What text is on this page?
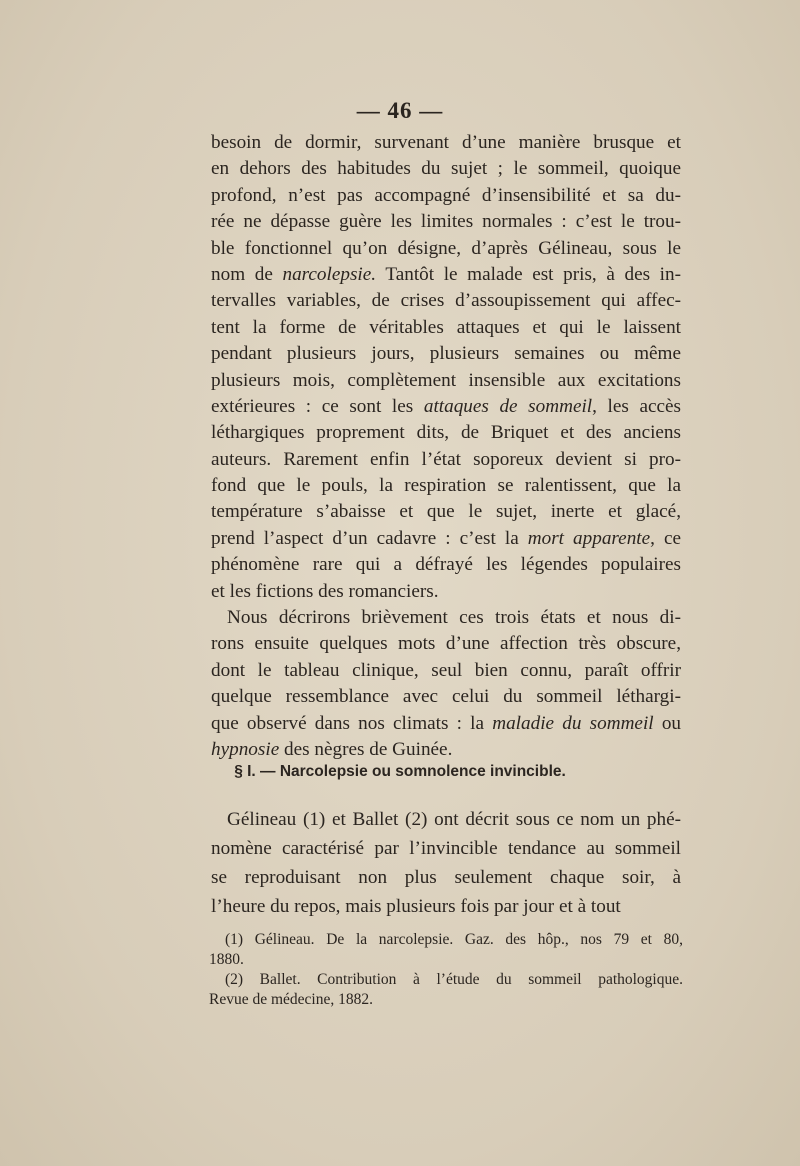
— 46 —
besoin de dormir, survenant d’une manière brusque et
en dehors des habitudes du sujet ; le sommeil, quoique
profond, n’est pas accompagné d’insensibilité et sa du-
rée ne dépasse guère les limites normales : c’est le trou-
ble fonctionnel qu’on désigne, d’après Gélineau, sous le
nom de narcolepsie. Tantôt le malade est pris, à des in-
tervalles variables, de crises d’assoupissement qui affec-
tent la forme de véritables attaques et qui le laissent
pendant plusieurs jours, plusieurs semaines ou même
plusieurs mois, complètement insensible aux excitations
extérieures : ce sont les attaques de sommeil, les accès
léthargiques proprement dits, de Briquet et des anciens
auteurs. Rarement enfin l’état soporeux devient si pro-
fond que le pouls, la respiration se ralentissent, que la
température s’abaisse et que le sujet, inerte et glacé,
prend l’aspect d’un cadavre : c’est la mort apparente, ce
phénomène rare qui a défrayé les légendes populaires
et les fictions des romanciers.
Nous décrirons brièvement ces trois états et nous di-
rons ensuite quelques mots d’une affection très obscure,
dont le tableau clinique, seul bien connu, paraît offrir
quelque ressemblance avec celui du sommeil léthargi-
que observé dans nos climats : la maladie du sommeil ou
hypnosie des nègres de Guinée.
§ I. — Narcolepsie ou somnolence invincible.
Gélineau (1) et Ballet (2) ont décrit sous ce nom un phé-
nomène caractérisé par l’invincible tendance au sommeil
se reproduisant non plus seulement chaque soir, à
l’heure du repos, mais plusieurs fois par jour et à tout
(1) Gélineau. De la narcolepsie. Gaz. des hôp., nos 79 et 80,
1880.
(2) Ballet. Contribution à l’étude du sommeil pathologique.
Revue de médecine, 1882.
